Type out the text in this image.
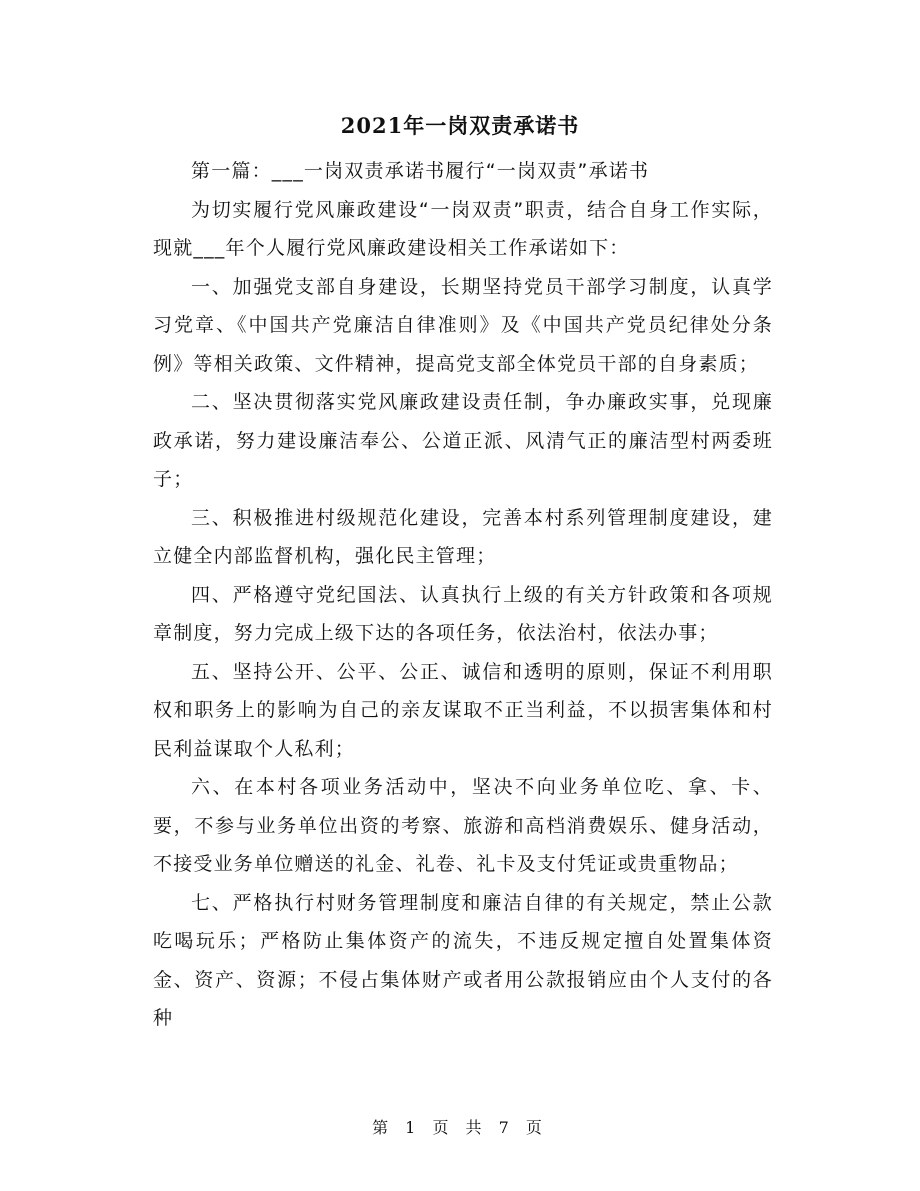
2021年一岗双责承诺书

第一篇：___一岗双责承诺书履行“一岗双责”承诺书

为切实履行党风廉政建设“一岗双责”职责，结合自身工作实际，现就___年个人履行党风廉政建设相关工作承诺如下：

一、加强党支部自身建设，长期坚持党员干部学习制度，认真学习党章、《中国共产党廉洁自律准则》及《中国共产党员纪律处分条例》等相关政策、文件精神，提高党支部全体党员干部的自身素质；

二、坚决贯彻落实党风廉政建设责任制，争办廉政实事，兑现廉政承诺，努力建设廉洁奉公、公道正派、风清气正的廉洁型村两委班子；

三、积极推进村级规范化建设，完善本村系列管理制度建设，建立健全内部监督机构，强化民主管理；

四、严格遵守党纪国法、认真执行上级的有关方针政策和各项规章制度，努力完成上级下达的各项任务，依法治村，依法办事；

五、坚持公开、公平、公正、诚信和透明的原则，保证不利用职权和职务上的影响为自己的亲友谋取不正当利益，不以损害集体和村民利益谋取个人私利；

六、在本村各项业务活动中，坚决不向业务单位吃、拿、卡、要，不参与业务单位出资的考察、旅游和高档消费娱乐、健身活动，不接受业务单位赠送的礼金、礼卷、礼卡及支付凭证或贵重物品；

七、严格执行村财务管理制度和廉洁自律的有关规定，禁止公款吃喝玩乐；严格防止集体资产的流失，不违反规定擅自处置集体资金、资产、资源；不侵占集体财产或者用公款报销应由个人支付的各种

第 1 页 共 7 页
